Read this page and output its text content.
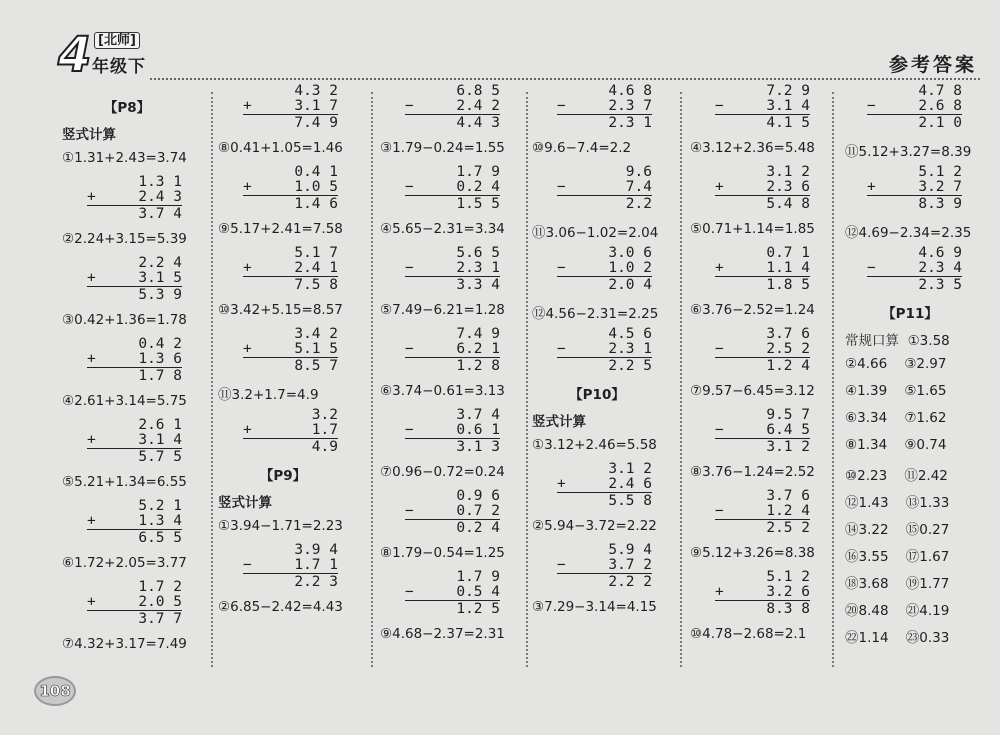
4 [北师]
年级下	参考答案
【P8】
竖式计算
①1.31+2.43=3.74
1.3 1
+	2.4 3
3.7 4
②2.24+3.15=5.39
2.2 4
+	3.1 5
5.3 9
③0.42+1.36=1.78
0.4 2
+	1.3 6
1.7 8
④2.61+3.14=5.75
2.6 1
+	3.1 4
5.7 5
⑤5.21+1.34=6.55
5.2 1
+	1.3 4
6.5 5
⑥1.72+2.05=3.77
1.7 2
+	2.0 5
3.7 7
⑦4.32+3.17=7.49
4.3 2
+	3.1 7
7.4 9
⑧0.41+1.05=1.46
0.4 1
+	1.0 5
1.4 6
⑨5.17+2.41=7.58
5.1 7
+	2.4 1
7.5 8
⑩3.42+5.15=8.57
3.4 2
+	5.1 5
8.5 7
⑪3.2+1.7=4.9
3.2
+	1.7
4.9
【P9】
竖式计算
①3.94−1.71=2.23
3.9 4
−	1.7 1
2.2 3
②6.85−2.42=4.43
6.8 5
−	2.4 2
4.4 3
③1.79−0.24=1.55
1.7 9
−	0.2 4
1.5 5
④5.65−2.31=3.34
5.6 5
−	2.3 1
3.3 4
⑤7.49−6.21=1.28
7.4 9
−	6.2 1
1.2 8
⑥3.74−0.61=3.13
3.7 4
−	0.6 1
3.1 3
⑦0.96−0.72=0.24
0.9 6
−	0.7 2
0.2 4
⑧1.79−0.54=1.25
1.7 9
−	0.5 4
1.2 5
⑨4.68−2.37=2.31
4.6 8
−	2.3 7
2.3 1
⑩9.6−7.4=2.2
9.6
−	7.4
2.2
⑪3.06−1.02=2.04
3.0 6
−	1.0 2
2.0 4
⑫4.56−2.31=2.25
4.5 6
−	2.3 1
2.2 5
【P10】
竖式计算
①3.12+2.46=5.58
3.1 2
+	2.4 6
5.5 8
②5.94−3.72=2.22
5.9 4
−	3.7 2
2.2 2
③7.29−3.14=4.15
7.2 9
−	3.1 4
4.1 5
④3.12+2.36=5.48
3.1 2
+	2.3 6
5.4 8
⑤0.71+1.14=1.85
0.7 1
+	1.1 4
1.8 5
⑥3.76−2.52=1.24
3.7 6
−	2.5 2
1.2 4
⑦9.57−6.45=3.12
9.5 7
−	6.4 5
3.1 2
⑧3.76−1.24=2.52
3.7 6
−	1.2 4
2.5 2
⑨5.12+3.26=8.38
5.1 2
+	3.2 6
8.3 8
⑩4.78−2.68=2.1
4.7 8
−	2.6 8
2.1 0
⑪5.12+3.27=8.39
5.1 2
+	3.2 7
8.3 9
⑫4.69−2.34=2.35
4.6 9
−	2.3 4
2.3 5
【P11】
常规口算  ①3.58
②4.66    ③2.97
④1.39    ⑤1.65
⑥3.34    ⑦1.62
⑧1.34    ⑨0.74
⑩2.23    ⑪2.42
⑫1.43    ⑬1.33
⑭3.22    ⑮0.27
⑯3.55    ⑰1.67
⑱3.68    ⑲1.77
⑳8.48    ㉑4.19
㉒1.14    ㉓0.33
108
